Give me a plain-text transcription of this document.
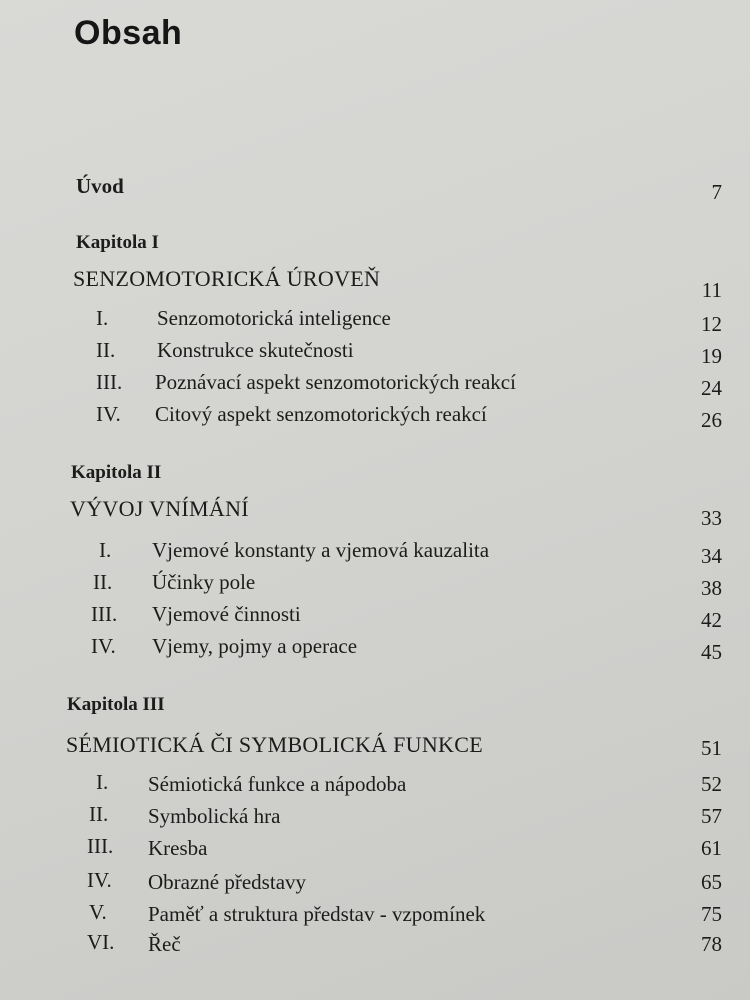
Obsah
Úvod	7
Kapitola I
SENZOMOTORICKÁ ÚROVEŇ	11
I. Senzomotorická inteligence	12
II. Konstrukce skutečnosti	19
III. Poznávací aspekt senzomotorických reakcí	24
IV. Citový aspekt senzomotorických reakcí	26
Kapitola II
VÝVOJ VNÍMÁNÍ	33
I. Vjemové konstanty a vjemová kauzalita	34
II. Účinky pole	38
III. Vjemové činnosti	42
IV. Vjemy, pojmy a operace	45
Kapitola III
SÉMIOTICKÁ ČI SYMBOLICKÁ FUNKCE	51
I. Sémiotická funkce a nápodoba	52
II. Symbolická hra	57
III. Kresba	61
IV. Obrazné představy	65
V. Paměť a struktura představ - vzpomínek	75
VI. Řeč	78
